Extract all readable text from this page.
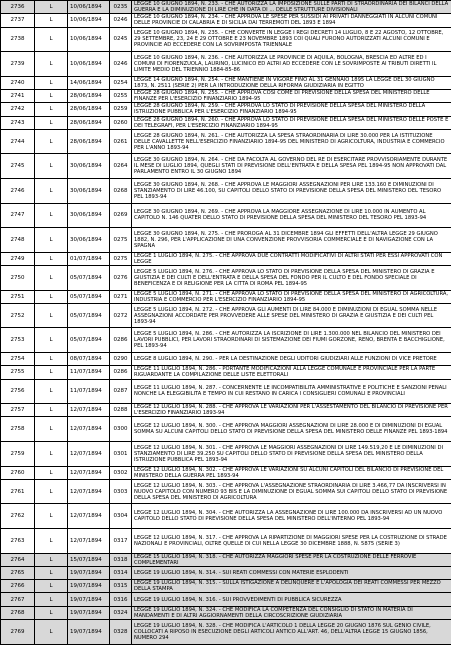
2736	L	10/06/1894	0235	LEGGE 10 GIUGNO 1894, N. 233. - CHE AUTORIZZA LA IMPOSIZIONE SULLE PARTI DI STRAORDINARIA DEI BILANCI DELLA GUERRA E LA DIMINUZIONE DI LIRE CHE IN DATA DI ... DELLE STRUTTURE DIVISIONALI
2737	L	10/06/1894	0246	LEGGE 10 GIUGNO 1894, N. 234. - CHE APPROVA LE SPESE PER SUSSIDI AI PRIVATI DANNEGGIATI IN ALCUNI COMUNI DELLE PROVINCIE DI CALABRIA E DI SICILIA DAI TERREMOTI DEL 1893 E 1894
2738	L	10/06/1894	0245	LEGGE 10 GIUGNO 1894, N. 235. - CHE CONVERTE IN LEGGE I REGI DECRETI 14 LUGLIO, 8 E 22 AGOSTO, 12 OTTOBRE, 29 SETTEMBRE, 23, 24 E 29 OTTOBRE E 23 NOVEMBRE 1893 COI QUALI FURONO AUTORIZZATI ALCUNI COMUNI E PROVINCIE AD ECCEDERE CON LA SOVRIMPOSTA TRIENNALE
2739	L	10/06/1894	0246	LEGGE 10 GIUGNO 1894, N. 236. - CHE AUTORIZZA LE PROVINCIE DI AQUILA, BOLOGNA, BRESCIA ED ALTRE ED I COMUNI DI FIORENZUOLA, LAURINO, LUCINICO ED ALTRI AD ECCEDERE CON LE SOVRIMPOSTE AI TRIBUTI DIRETTI IL LIMITE MEDIO DEL TRIENNIO 1884-85-86
2740	L	14/06/1894	0254	LEGGE 14 GIUGNO 1894, N. 254. - CHE MANTIENE IN VIGORE FINO AL 31 GENNAIO 1895 LA LEGGE DEL 30 GIUGNO 1873, N. 2511 (SERIE 2) PER LA INTRODUZIONE DELLA RIFORMA GIUDIZIARIA IN EGITTO
2741	L	28/06/1894	0255	LEGGE 28 GIUGNO 1894, N. 255. - CHE APPROVA COSI COME DI PREVISIONE DELLA SPESA DEL MINISTERO DELLE FINANZE PER L'ESERCIZIO FINANZIARIO 1894-95
2742	L	28/06/1894	0259	LEGGE 28 GIUGNO 1894, N. 259. - CHE APPROVA LO STATO DI PREVISIONE DELLA SPESA DEL MINISTERO DELLA ISTRUZIONE PUBBLICA PER L'ESERCIZIO FINANZIARIO 1894-95
2743	L	28/06/1894	0260	LEGGE 28 GIUGNO 1894, N. 260. - CHE APPROVA LO STATO DI PREVISIONE DELLA SPESA DEL MINISTERO DELLE POSTE E DEI TELEGRAFI, PER L'ESERCIZIO FINANZIARIO 1894-95
2744	L	28/06/1894	0261	LEGGE 28 GIUGNO 1894, N. 261. - CHE AUTORIZZA LA SPESA STRAORDINARIA DI LIRE 30.000 PER LA ISTITUZIONE DELLE CAVALLETTE NELL'ESERCIZIO FINANZIARIO 1894-95 DEL MINISTERO DI AGRICOLTURA, INDUSTRIA E COMMERCIO PER L'ANNO 1893-94
2745	L	30/06/1894	0264	LEGGE 30 GIUGNO 1894, N. 264. - CHE DA FACOLTA AL GOVERNO DEL RE DI ESERCITARE PROVVISORIAMENTE DURANTE IL MESE DI LUGLIO 1894, QUEGLI STATI DI PREVISIONE DELL'ENTRATA E DELLA SPESA PEL 1894-95 NON APPROVATI DAL PARLAMENTO ENTRO IL 30 GIUGNO 1894
2746	L	30/06/1894	0268	LEGGE 30 GIUGNO 1894, N. 268. - CHE APPROVA LE MAGGIORI ASSEGNAZIONI PER LIRE 133.160 E DIMINUZIONI DI STANZIAMENTO DI LIRE 46.100, SU CAPITOLI DELLO STATO DI PREVISIONE DELLA SPESA DEL MINISTERO DEL TESORO PEL 1893-94
2747	L	30/06/1894	0269	LEGGE 30 GIUGNO 1894, N. 269. - CHE APPROVA LA MAGGIORE ASSEGNAZIONE DI LIRE 10.000 IN AUMENTO AL CAPITOLO N. 146 QUATER DELLO STATO DI PREVISIONE DELLA SPESA DEL MINISTERO DEL TESORO PEL 1893-94
2748	L	30/06/1894	0275	LEGGE 30 GIUGNO 1894, N. 275. - CHE PROROGA AL 31 DICEMBRE 1894 GLI EFFETTI DELL'ALTRA LEGGE 29 GIUGNO 1882, N. 296, PER L'APPLICAZIONE DI UNA CONVENZIONE PROVVISORIA COMMERCIALE E DI NAVIGAZIONE CON LA SPAGNA
2749	L	01/07/1894	0275	LEGGE 1 LUGLIO 1894, N. 275. - CHE APPROVA DUE CONTRATTI MODIFICATIVI DI ALTRI STATI PER ESSI APPROVATI CON LEGGE
2750	L	05/07/1894	0276	LEGGE 5 LUGLIO 1894, N. 276. - CHE APPROVA LO STATO DI PREVISIONE DELLA SPESA DEL MINISTERO DI GRAZIA E GIUSTIZIA E DEI CULTI E DELL'ENTRATA E DELLA SPESA DEL FONDO PER IL CULTO E DEL FONDO SPECIALE DI BENEFICENZA E DI RELIGIONE PER LA CITTA DI ROMA PEL 1894-95
2751	L	05/07/1894	0271	LEGGE 5 LUGLIO 1894, N. 271. - CHE APPROVA LO STATO DI PREVISIONE DELLA SPESA DEL MINISTERO DI AGRICOLTURA, INDUSTRIA E COMMERCIO PER L'ESERCIZIO FINANZIARIO 1894-95
2752	L	05/07/1894	0272	LEGGE 5 LUGLIO 1894, N. 272. - CHE APPROVA GLI AUMENTI DI LIRE 84.000 E DIMINUZIONI DI EGUAL SOMMA NELLE ASSEGNAZIONI ACCORDATE PER PROVVEDERE ALLE SPESE DEL MINISTERO DI GRAZIA E GIUSTIZIA E DEI CULTI PEL 1893-94
2753	L	05/07/1894	0286	LEGGE 5 LUGLIO 1894, N. 286. - CHE AUTORIZZA LA ISCRIZIONE DI LIRE 1.300.000 NEL BILANCIO DEL MINISTERO DEI LAVORI PUBBLICI, PER LAVORI STRAORDINARI DI SISTEMAZIONE DEI FIUMI GORZONE, RENO, BRENTA E BACCHIGLIONE, PEL 1893-94
2754	L	08/07/1894	0290	LEGGE 8 LUGLIO 1894, N. 290. - PER LA DESTINAZIONE DEGLI UDITORI GIUDIZIARI ALLE FUNZIONI DI VICE PRETORE
2755	L	11/07/1894	0286	LEGGE 11 LUGLIO 1894, N. 286. - PORTANTE MODIFICAZIONI ALLA LEGGE COMUNALE E PROVINCIALE PER LA PARTE RIGUARDANTE LA COMPILAZIONE DELLE LISTE ELETTORALI
2756	L	11/07/1894	0287	LEGGE 11 LUGLIO 1894, N. 287. - CONCERNENTE LE INCOMPATIBILITA AMMINISTRATIVE E POLITICHE E SANZIONI PENALI NONCHE LA ELEGGIBILITA E TEMPO IN CUI RESTANO IN CARICA I CONSIGLIERI COMUNALI E PROVINCIALI
2757	L	12/07/1894	0288	LEGGE 12 LUGLIO 1894, N. 288. - CHE APPROVA LE VARIAZIONI PER L'ASSESTAMENTO DEL BILANCIO DI PREVISIONE PER L'ESERCIZIO FINANZIARIO 1893-94
2758	L	12/07/1894	0300	LEGGE 12 LUGLIO 1894, N. 300. - CHE APPROVA MAGGIORI ASSEGNAZIONI DI LIRE 28.000 E DI DIMINUZIONI DI EGUAL SOMMA SU ALCUNI CAPITOLI DELLO STATO DI PREVISIONE DELLA SPESA DEL MINISTERO DELLE FINANZE PEL 1893-1894
2759	L	12/07/1894	0301	LEGGE 12 LUGLIO 1894, N. 301. - CHE APPROVA LE MAGGIORI ASSEGNAZIONI DI LIRE 149.519,20 E LE DIMINUZIONI DI STANZIAMENTO DI LIRE 39.250 SU CAPITOLI DELLO STATO DI PREVISIONE DELLA SPESA DEL MINISTERO DELLA ISTRUZIONE PUBBLICA PEL 1893-94
2760	L	12/07/1894	0302	LEGGE 12 LUGLIO 1894, N. 302. - CHE APPROVA LE VARIAZIONI SU ALCUNI CAPITOLI DEL BILANCIO DI PREVISIONE DEL MINISTERO DELLA GUERRA PEL 1893-94
2761	L	12/07/1894	0303	LEGGE 12 LUGLIO 1894, N. 303. - CHE APPROVA L'ASSEGNAZIONE STRAORDINARIA DI LIRE 3.466,77 DA INSCRIVERSI IN NUOVO CAPITOLO CON NUMERO 93 BIS E LA DIMINUZIONE DI EGUAL SOMMA SUI CAPITOLI DELLO STATO DI PREVISIONE DELLA SPESA DEL MINISTERO DI AGRICOLTURA
2762	L	12/07/1894	0304	LEGGE 12 LUGLIO 1894, N. 304. - CHE AUTORIZZA LA ASSEGNAZIONE DI LIRE 100.000 DA INSCRIVERSI AD UN NUOVO CAPITOLO DELLO STATO DI PREVISIONE DELLA SPESA DEL MINISTERO DELL'INTERNO PEL 1893-94
2763	L	12/07/1894	0317	LEGGE 12 LUGLIO 1894, N. 317. - CHE APPROVA LA RIPARTIZIONE DI MAGGIORI SPESE PER LA COSTRUZIONE DI STRADE NAZIONALI E PROVINCIALI, OLTRE QUELLE DI CUI NELLA LEGGE 30 DICEMBRE 1888, N. 5875 (SERIE 3)
2764	L	15/07/1894	0318	LEGGE 15 LUGLIO 1894, N. 318. - CHE AUTORIZZA MAGGIORI SPESE PER LA COSTRUZIONE DELLE FERROVIE COMPLEMENTARI
2765	L	19/07/1894	0314	LEGGE 19 LUGLIO 1894, N. 314. - SUI REATI COMMESSI CON MATERIE ESPLODENTI
2766	L	19/07/1894	0315	LEGGE 19 LUGLIO 1894, N. 315. - SULLA ISTIGAZIONE A DELINQUERE E L'APOLOGIA DEI REATI COMMESSI PER MEZZO DELLA STAMPA
2767	L	19/07/1894	0316	LEGGE 19 LUGLIO 1894, N. 316. - SUI PROVVEDIMENTI DI PUBBLICA SICUREZZA
2768	L	19/07/1894	0324	LEGGE 19 LUGLIO 1894, N. 324. - CHE MODIFICA LA COMPETENZA DEL CONSIGLIO DI STATO IN MATERIA DI MANDAMENTI E DI ALTRI AGGIORNAMENTI DELLA CIRCOSCRIZIONE GIUDIZIARIA
2769	L	19/07/1894	0328	LEGGE 19 LUGLIO 1894, N. 328. - CHE MODIFICA L'ARTICOLO 1 DELLA LEGGE 20 GIUGNO 1876 SUL GENIO CIVILE, COLLOCATI A RIPOSO IN ESECUZIONE DEGLI ARTICOLI ANTICO ALL'ART. 46, DELL'ALTRA LEGGE 15 GIUGNO 1856, NUMERO 294
